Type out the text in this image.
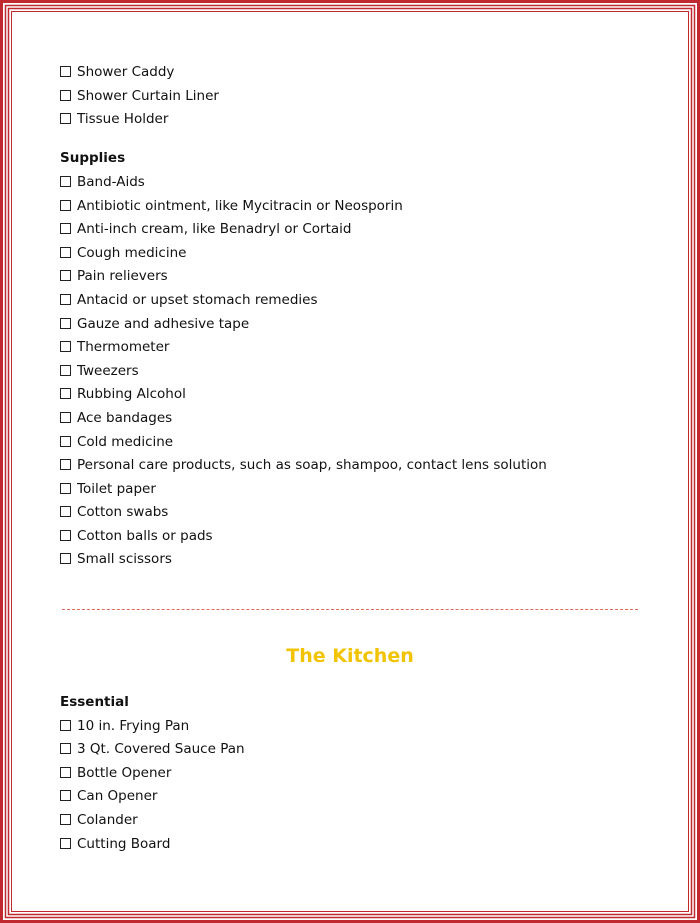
Shower Caddy
Shower Curtain Liner
Tissue Holder
Supplies
Band-Aids
Antibiotic ointment, like Mycitracin or Neosporin
Anti-inch cream, like Benadryl or Cortaid
Cough medicine
Pain relievers
Antacid or upset stomach remedies
Gauze and adhesive tape
Thermometer
Tweezers
Rubbing Alcohol
Ace bandages
Cold medicine
Personal care products, such as soap, shampoo, contact lens solution
Toilet paper
Cotton swabs
Cotton balls or pads
Small scissors
The Kitchen
Essential
10 in. Frying Pan
3 Qt. Covered Sauce Pan
Bottle Opener
Can Opener
Colander
Cutting Board
